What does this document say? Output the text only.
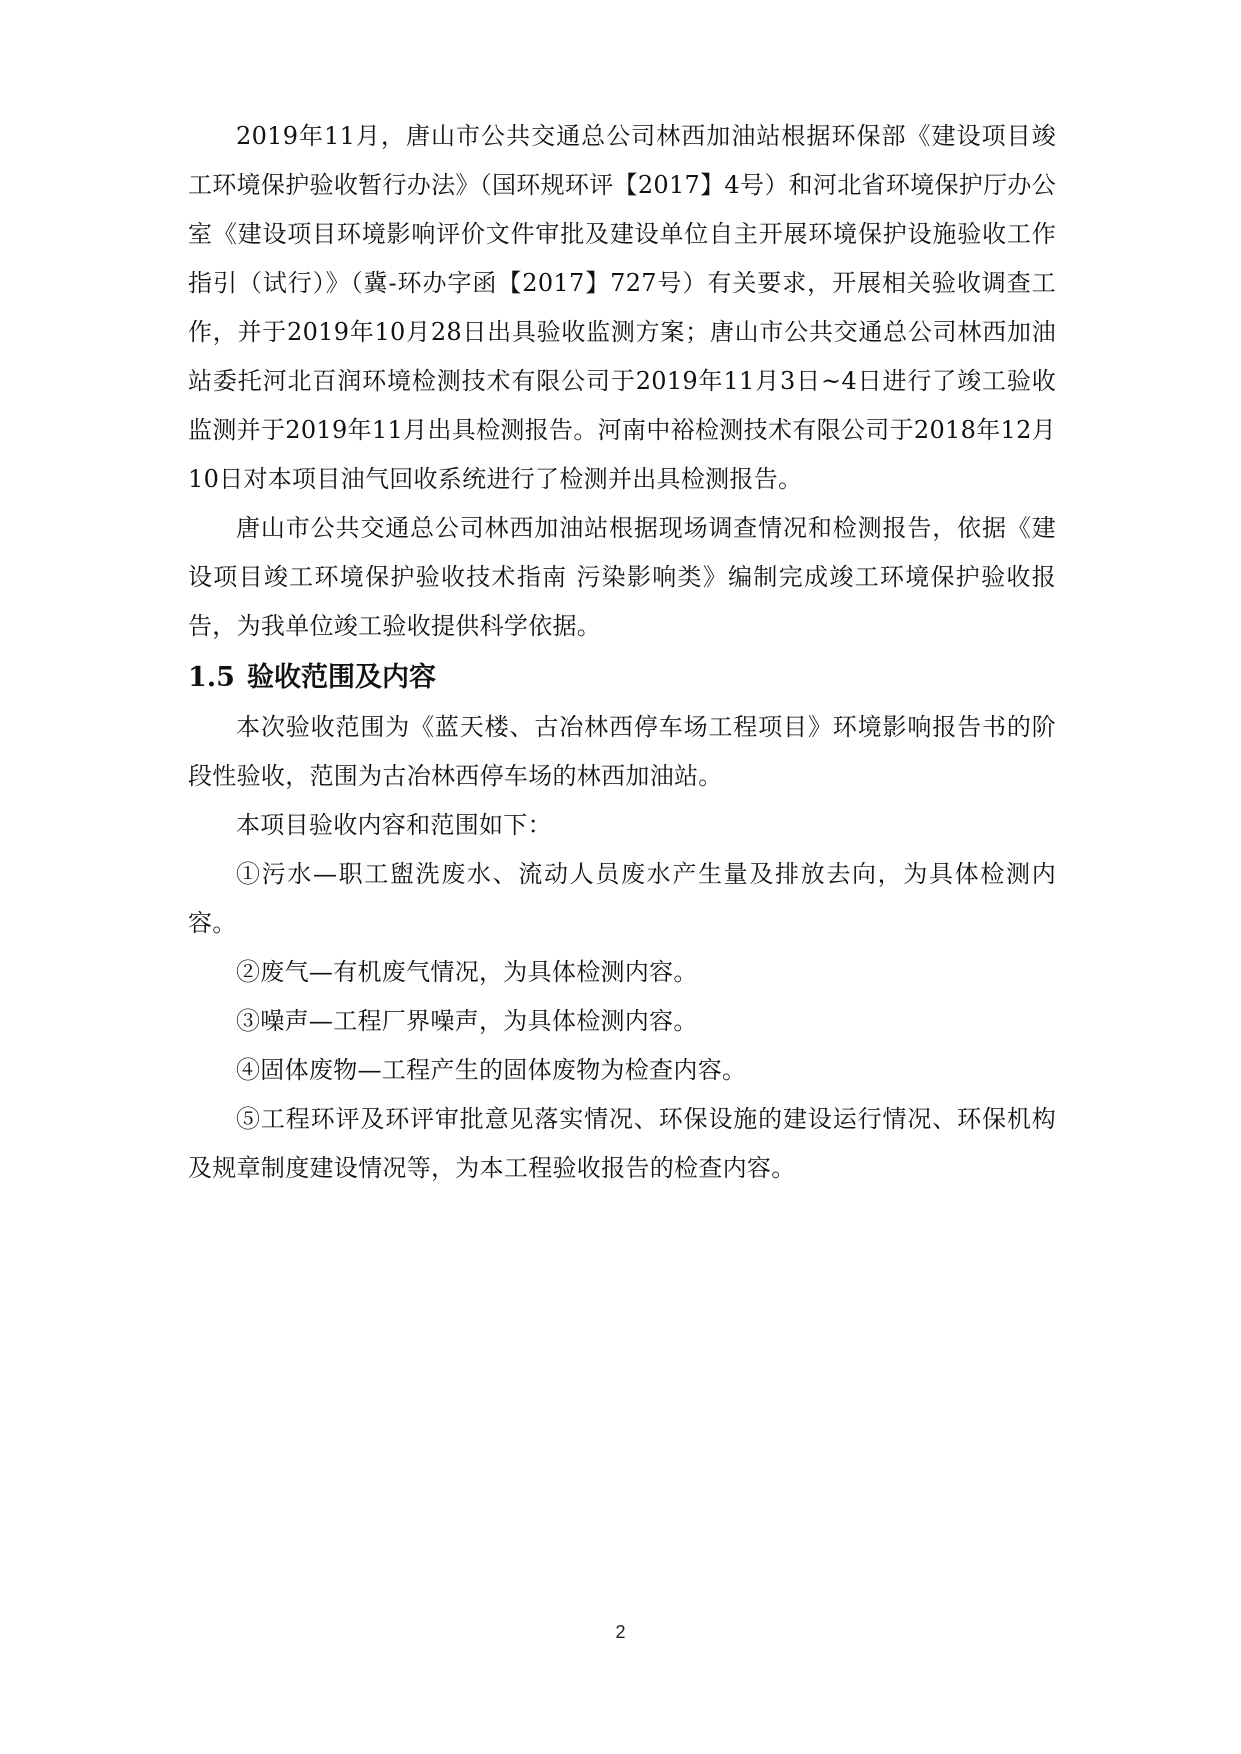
2019年11月，唐山市公共交通总公司林西加油站根据环保部《建设项目竣工环境保护验收暂行办法》（国环规环评【2017】4号）和河北省环境保护厅办公室《建设项目环境影响评价文件审批及建设单位自主开展环境保护设施验收工作指引（试行）》（冀-环办字函【2017】727号）有关要求，开展相关验收调查工作，并于2019年10月28日出具验收监测方案；唐山市公共交通总公司林西加油站委托河北百润环境检测技术有限公司于2019年11月3日~4日进行了竣工验收监测并于2019年11月出具检测报告。河南中裕检测技术有限公司于2018年12月10日对本项目油气回收系统进行了检测并出具检测报告。

唐山市公共交通总公司林西加油站根据现场调查情况和检测报告，依据《建设项目竣工环境保护验收技术指南 污染影响类》编制完成竣工环境保护验收报告，为我单位竣工验收提供科学依据。

1.5 验收范围及内容

本次验收范围为《蓝天楼、古冶林西停车场工程项目》环境影响报告书的阶段性验收，范围为古冶林西停车场的林西加油站。

本项目验收内容和范围如下：

①污水—职工盥洗废水、流动人员废水产生量及排放去向，为具体检测内容。

②废气—有机废气情况，为具体检测内容。

③噪声—工程厂界噪声，为具体检测内容。

④固体废物—工程产生的固体废物为检查内容。

⑤工程环评及环评审批意见落实情况、环保设施的建设运行情况、环保机构及规章制度建设情况等，为本工程验收报告的检查内容。

2
